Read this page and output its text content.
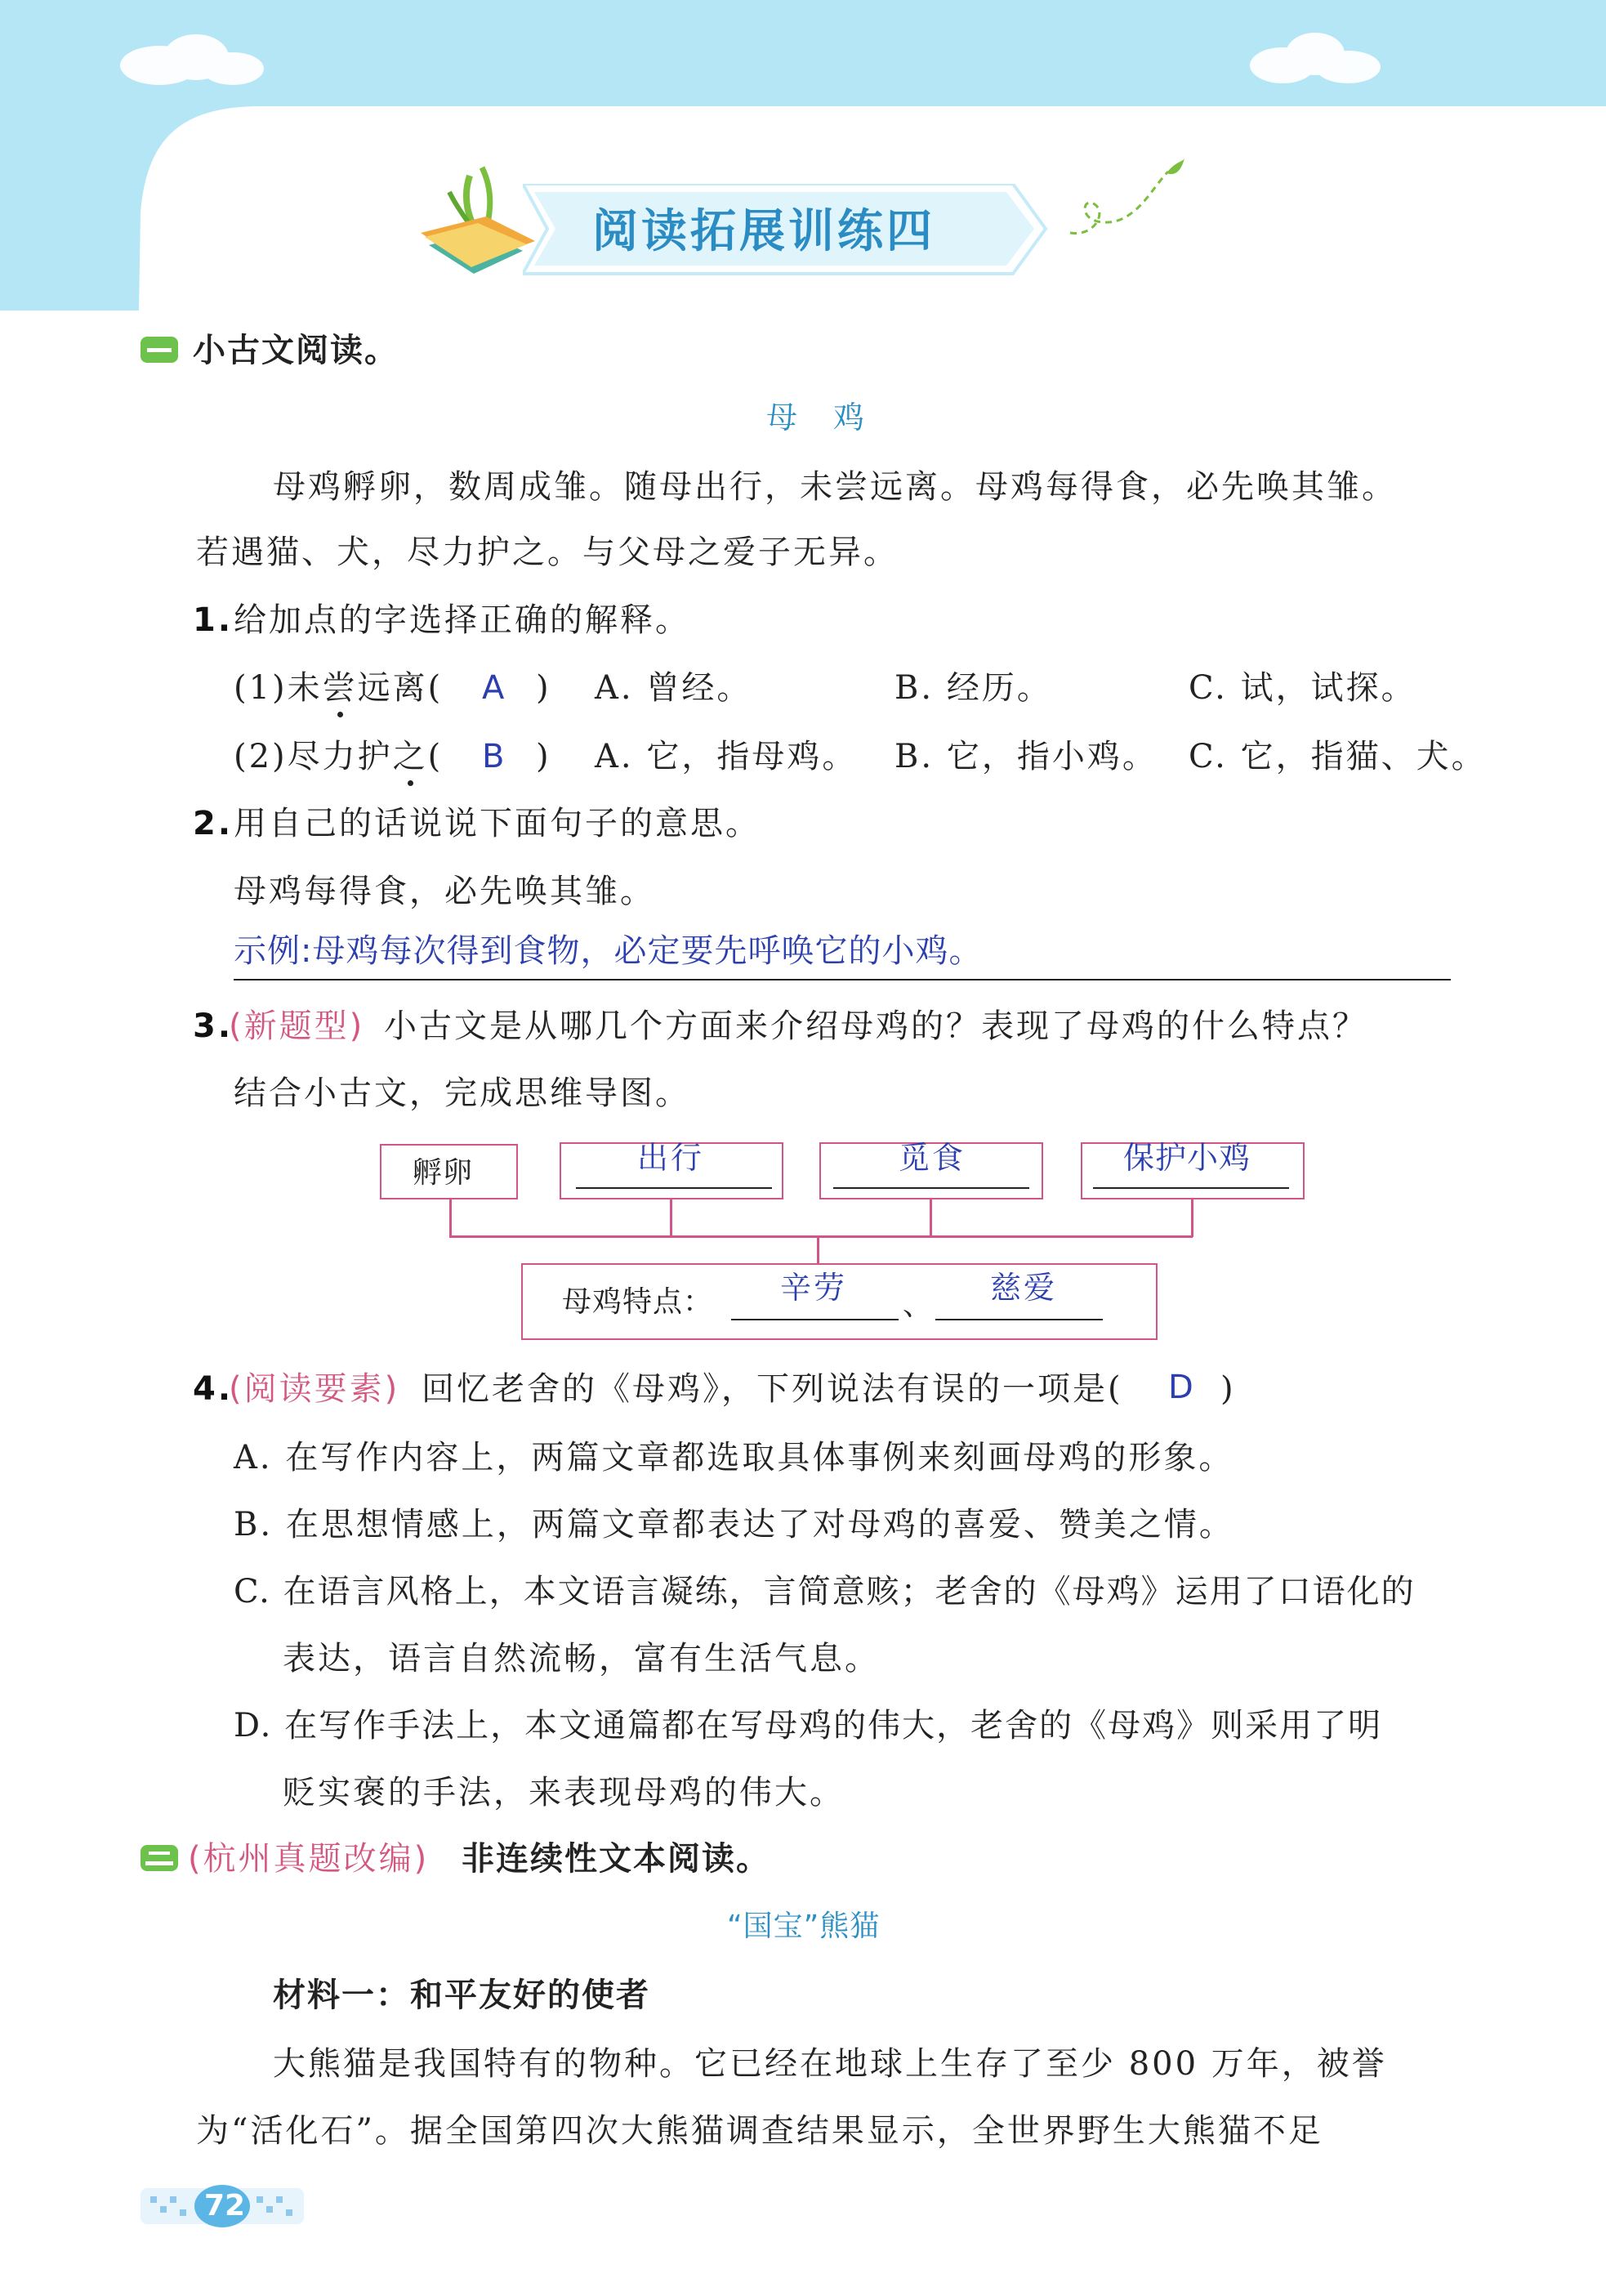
阅读拓展训练四
小古文阅读。
母　鸡
母鸡孵卵，数周成雏。随母出行，未尝远离。母鸡每得食，必先唤其雏。
若遇猫、犬，尽力护之。与父母之爱子无异。
1. 给加点的字选择正确的解释。
(1)未尝远离( A ) A. 曾经。	B. 经历。	C. 试，试探。
(2)尽力护之( B ) A. 它，指母鸡。 B. 它，指小鸡。 C. 它，指猫、犬。
2. 用自己的话说说下面句子的意思。
母鸡每得食，必先唤其雏。
示例:母鸡每次得到食物，必定要先呼唤它的小鸡。
3.
(新题型) 小古文是从哪几个方面来介绍母鸡的？表现了母鸡的什么特点？
结合小古文，完成思维导图。
孵卵	出行	觅食	保护小鸡
母鸡特点： 辛劳 、 慈爱
4.
(阅读要素) 回忆老舍的《母鸡》，下列说法有误的一项是( D )
A. 在写作内容上，两篇文章都选取具体事例来刻画母鸡的形象。
B. 在思想情感上，两篇文章都表达了对母鸡的喜爱、赞美之情。
C. 在语言风格上，本文语言凝练，言简意赅；老舍的《母鸡》运用了口语化的
表达，语言自然流畅，富有生活气息。
D. 在写作手法上，本文通篇都在写母鸡的伟大，老舍的《母鸡》则采用了明
贬实褒的手法，来表现母鸡的伟大。
(杭州真题改编) 非连续性文本阅读。
“国宝”熊猫
材料一：和平友好的使者
大熊猫是我国特有的物种。它已经在地球上生存了至少 800 万年，被誉
为“活化石”。据全国第四次大熊猫调查结果显示，全世界野生大熊猫不足
72
